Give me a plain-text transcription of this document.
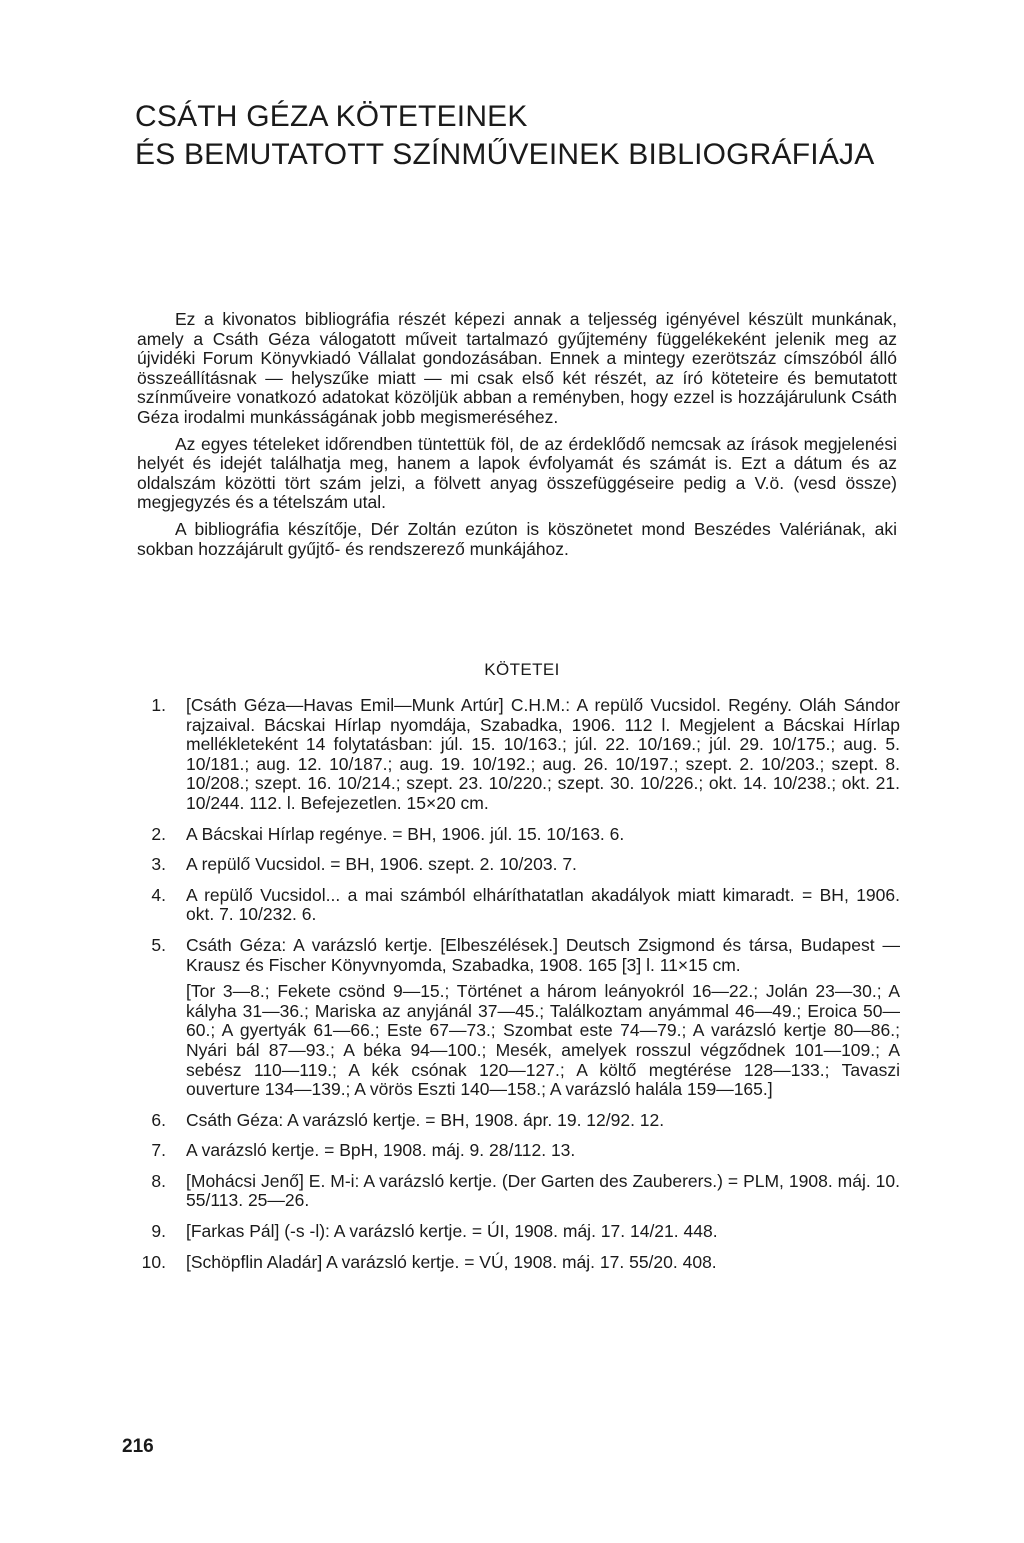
CSÁTH GÉZA KÖTETEINEK
ÉS BEMUTATOTT SZÍNMŰVEINEK BIBLIOGRÁFIÁJA

Ez a kivonatos bibliográfia részét képezi annak a teljesség igényével készült munkának, amely a Csáth Géza válogatott műveit tartalmazó gyűjtemény függelékeként jelenik meg az újvidéki Forum Könyvkiadó Vállalat gondozásában. Ennek a mintegy ezerötszáz címszóból álló összeállításnak — helyszűke miatt — mi csak első két részét, az író köteteire és bemutatott színműveire vonatkozó adatokat közöljük abban a reményben, hogy ezzel is hozzájárulunk Csáth Géza irodalmi munkásságának jobb megismeréséhez.

Az egyes tételeket időrendben tüntettük föl, de az érdeklődő nemcsak az írások megjelenési helyét és idejét találhatja meg, hanem a lapok évfolyamát és számát is. Ezt a dátum és az oldalszám közötti tört szám jelzi, a fölvett anyag összefüggéseire pedig a V.ö. (vesd össze) megjegyzés és a tételszám utal.

A bibliográfia készítője, Dér Zoltán ezúton is köszönetet mond Beszédes Valériának, aki sokban hozzájárult gyűjtő- és rendszerező munkájához.

KÖTETEI
1. [Csáth Géza—Havas Emil—Munk Artúr] C.H.M.: A repülő Vucsidol. Regény. Oláh Sándor rajzaival. Bácskai Hírlap nyomdája, Szabadka, 1906. 112 l. Megjelent a Bácskai Hírlap mellékleteként 14 folytatásban: júl. 15. 10/163.; júl. 22. 10/169.; júl. 29. 10/175.; aug. 5. 10/181.; aug. 12. 10/187.; aug. 19. 10/192.; aug. 26. 10/197.; szept. 2. 10/203.; szept. 8. 10/208.; szept. 16. 10/214.; szept. 23. 10/220.; szept. 30. 10/226.; okt. 14. 10/238.; okt. 21. 10/244. 112. l. Befejezetlen. 15×20 cm.

2. A Bácskai Hírlap regénye. = BH, 1906. júl. 15. 10/163. 6.

3. A repülő Vucsidol. = BH, 1906. szept. 2. 10/203. 7.

4. A repülő Vucsidol... a mai számból elháríthatatlan akadályok miatt kimaradt. = BH, 1906. okt. 7. 10/232. 6.

5. Csáth Géza: A varázsló kertje. [Elbeszélések.] Deutsch Zsigmond és társa, Budapest — Krausz és Fischer Könyvnyomda, Szabadka, 1908. 165 [3] l. 11×15 cm.

[Tor 3—8.; Fekete csönd 9—15.; Történet a három leányokról 16—22.; Jolán 23—30.; A kályha 31—36.; Mariska az anyjánál 37—45.; Találkoztam anyámmal 46—49.; Eroica 50—60.; A gyertyák 61—66.; Este 67—73.; Szombat este 74—79.; A varázsló kertje 80—86.; Nyári bál 87—93.; A béka 94—100.; Mesék, amelyek rosszul végződnek 101—109.; A sebész 110—119.; A kék csónak 120—127.; A költő megtérése 128—133.; Tavaszi ouverture 134—139.; A vörös Eszti 140—158.; A varázsló halála 159—165.]

6. Csáth Géza: A varázsló kertje. = BH, 1908. ápr. 19. 12/92. 12.

7. A varázsló kertje. = BpH, 1908. máj. 9. 28/112. 13.

8. [Mohácsi Jenő] E. M-i: A varázsló kertje. (Der Garten des Zauberers.) = PLM, 1908. máj. 10. 55/113. 25—26.

9. [Farkas Pál] (-s -l): A varázsló kertje. = ÚI, 1908. máj. 17. 14/21. 448.

10. [Schöpflin Aladár] A varázsló kertje. = VÚ, 1908. máj. 17. 55/20. 408.

216
